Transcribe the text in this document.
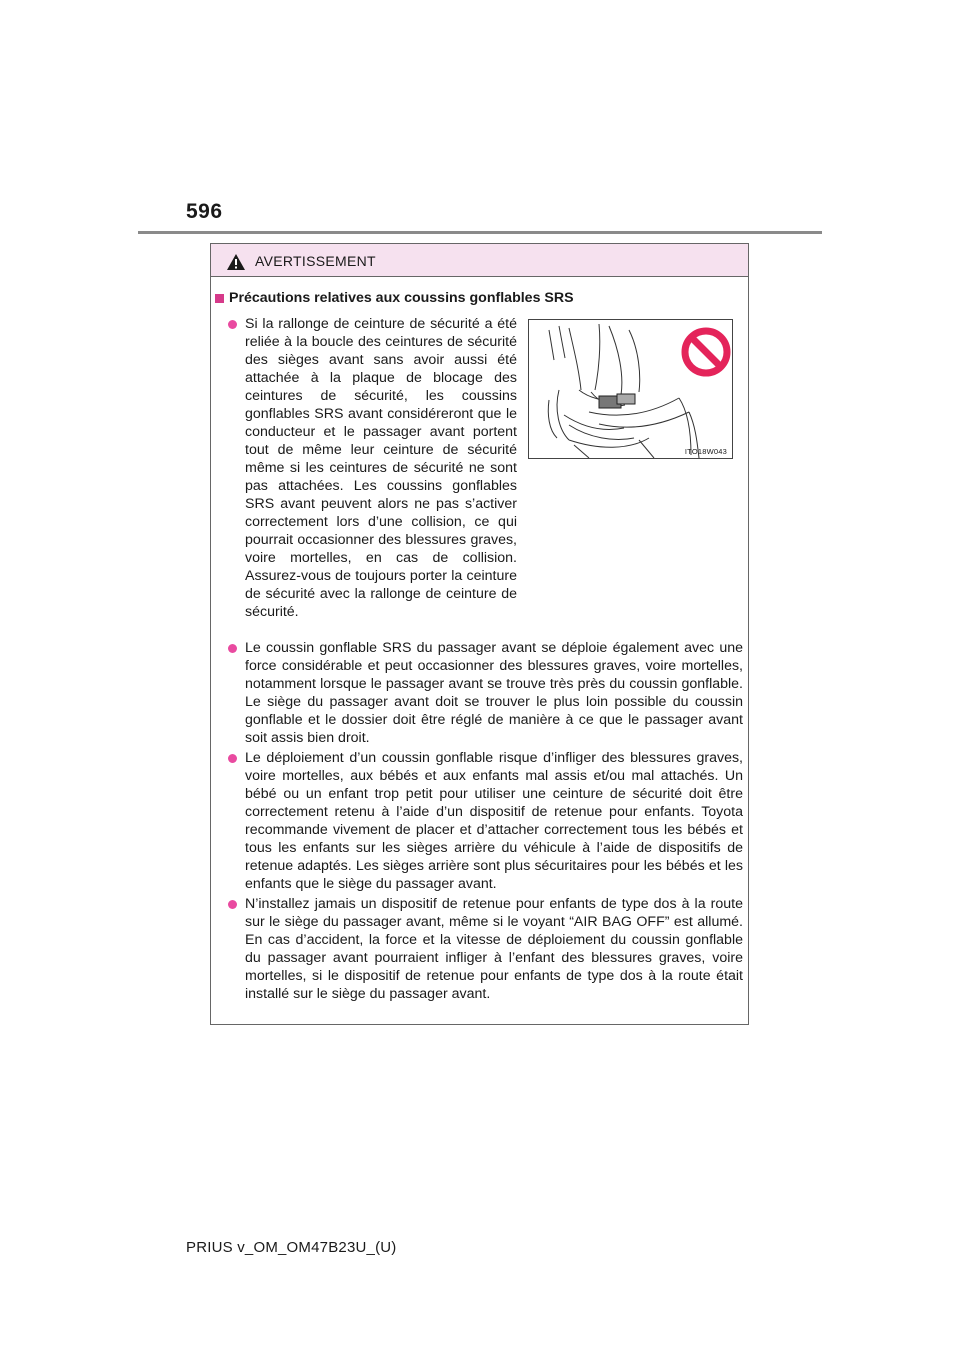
596
AVERTISSEMENT
Précautions relatives aux coussins gonflables SRS
Si la rallonge de ceinture de sécurité a été reliée à la boucle des ceintures de sécurité des sièges avant sans avoir aussi été attachée à la plaque de blocage des ceintures de sécurité, les coussins gonflables SRS avant considéreront que le conducteur et le passager avant portent tout de même leur ceinture de sécurité même si les ceintures de sécurité ne sont pas attachées. Les coussins gonflables SRS avant peuvent alors ne pas s’activer correctement lors d’une collision, ce qui pourrait occasionner des blessures graves, voire mortelles, en cas de collision. Assurez-vous de toujours porter la ceinture de sécurité avec la rallonge de ceinture de sécurité.
ITO18W043
Le coussin gonflable SRS du passager avant se déploie également avec une force considérable et peut occasionner des blessures graves, voire mortelles, notamment lorsque le passager avant se trouve très près du coussin gonflable. Le siège du passager avant doit se trouver le plus loin possible du coussin gonflable et le dossier doit être réglé de manière à ce que le passager avant soit assis bien droit.
Le déploiement d’un coussin gonflable risque d’infliger des blessures graves, voire mortelles, aux bébés et aux enfants mal assis et/ou mal attachés. Un bébé ou un enfant trop petit pour utiliser une ceinture de sécurité doit être correctement retenu à l’aide d’un dispositif de retenue pour enfants. Toyota recommande vivement de placer et d’attacher correctement tous les bébés et tous les enfants sur les sièges arrière du véhicule à l’aide de dispositifs de retenue adaptés. Les sièges arrière sont plus sécuritaires pour les bébés et les enfants que le siège du passager avant.
N’installez jamais un dispositif de retenue pour enfants de type dos à la route sur le siège du passager avant, même si le voyant “AIR BAG OFF” est allumé. En cas d’accident, la force et la vitesse de déploiement du coussin gonflable du passager avant pourraient infliger à l’enfant des blessures graves, voire mortelles, si le dispositif de retenue pour enfants de type dos à la route était installé sur le siège du passager avant.
PRIUS v_OM_OM47B23U_(U)
